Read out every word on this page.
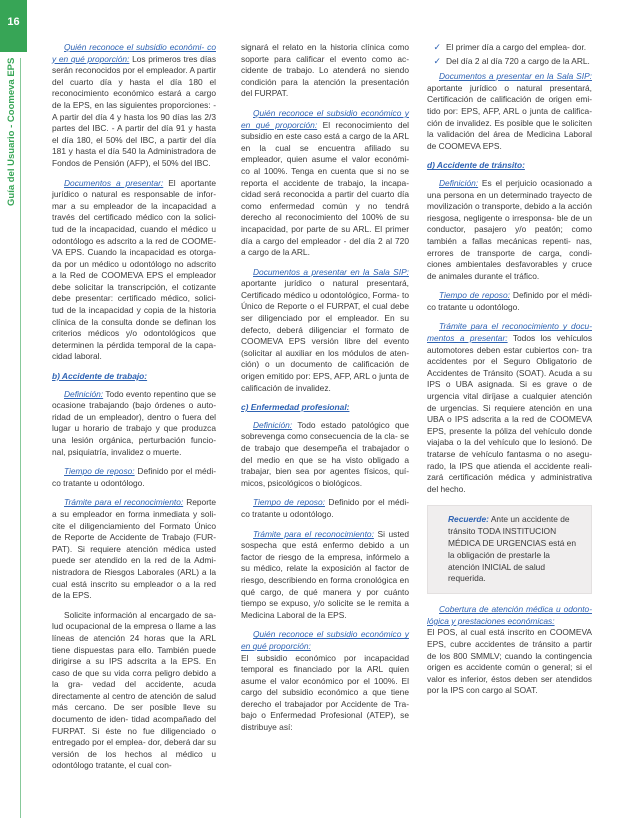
16
Guía del Usuario - Coomeva EPS

Quién reconoce el subsidio económi- co y en qué proporción: Los primeros tres días serán reconocidos por el empleador. A partir del cuarto día y hasta el día 180 el reconocimiento económico estará a cargo de la EPS, en las siguientes proporciones: - A partir del día 4 y hasta los 90 días las 2/3 partes del IBC. - A partir del día 91 y hasta el día 180, el 50% del IBC, a partir del día 181 y hasta el día 540 la Administradora de Fondos de Pensión (AFP), el 50% del IBC.

Documentos a presentar: El aportante jurídico o natural es responsable de infor- mar a su empleador de la incapacidad a través del certificado médico con la solici- tud de la incapacidad, cuando el médico u odontólogo es adscrito a la red de COOME- VA EPS. Cuando la incapacidad es otorga- da por un médico u odontólogo no adscrito a la Red de COOMEVA EPS el empleador debe solicitar la transcripción, el cotizante debe presentar: certificado médico, solici- tud de la incapacidad y copia de la historia clínica de la consulta donde se definan los criterios médicos y/o odontológicos que determinen la pérdida temporal de la capa- cidad laboral.

b) Accidente de trabajo:

Definición: Todo evento repentino que se ocasione trabajando (bajo órdenes o auto- ridad de un empleador), dentro o fuera del lugar u horario de trabajo y que produzca una lesión orgánica, perturbación funcio- nal, psiquiatría, invalidez o muerte.

Tiempo de reposo: Definido por el médi- co tratante u odontólogo.

Trámite para el reconocimiento: Reporte a su empleador en forma inmediata y soli- cite el diligenciamiento del Formato Único de Reporte de Accidente de Trabajo (FUR- PAT). Si requiere atención médica usted puede ser atendido en la red de la Admi- nistradora de Riesgos Laborales (ARL) a la cual está inscrito su empleador o a la red de la EPS.

Solicite información al encargado de sa- lud ocupacional de la empresa o llame a las líneas de atención 24 horas que la ARL tiene dispuestas para ello. También puede dirigirse a su IPS adscrita a la EPS. En caso de que su vida corra peligro debido a la gra- vedad del accidente, acuda directamente al centro de atención de salud más cercano. De ser posible lleve su documento de iden- tidad acompañado del FURPAT. Si éste no fue diligenciado o entregado por el emplea- dor, deberá dar su versión de los hechos al médico u odontólogo tratante, el cual con-

signará el relato en la historia clínica como soporte para calificar el evento como ac- cidente de trabajo. Lo atenderá no siendo condición para la atención la presentación del FURPAT.

Quién reconoce el subsidio económico y en qué proporción: El reconocimiento del subsidio en este caso está a cargo de la ARL en la cual se encuentra afiliado su empleador, quien asume el valor económi- co al 100%. Tenga en cuenta que si no se reporta el accidente de trabajo, la incapa- cidad será reconocida a partir del cuarto día como enfermedad común y no tendrá derecho al reconocimiento del 100% de su incapacidad, por parte de su ARL. El primer día a cargo del empleador - del día 2 al 720 a cargo de la ARL.

Documentos a presentar en la Sala SIP: aportante jurídico o natural presentará, Certificado médico u odontológico, Forma- to Único de Reporte o el FURPAT, el cual debe ser diligenciado por el empleador. En su defecto, deberá diligenciar el formato de COOMEVA EPS versión libre del evento (solicitar al auxiliar en los módulos de aten- ción) o un documento de calificación de origen emitido por: EPS, AFP, ARL o junta de calificación de invalidez.

c) Enfermedad profesional:

Definición: Todo estado patológico que sobrevenga como consecuencia de la cla- se de trabajo que desempeña el trabajador o del medio en que se ha visto obligado a trabajar, bien sea por agentes físicos, quí- micos, psicológicos o biológicos.

Tiempo de reposo: Definido por el médi- co tratante u odontólogo.

Trámite para el reconocimiento: Si usted sospecha que está enfermo debido a un factor de riesgo de la empresa, infórmelo a su médico, relate la exposición al factor de riesgo, describiendo en forma cronológica en qué cargo, de qué manera y por cuánto tiempo se expuso, y/o solicite se le remita a Medicina Laboral de la EPS.

Quién reconoce el subsidio económico y en qué proporción:
El subsidio económico por incapacidad temporal es financiado por la ARL quien asume el valor económico por el 100%. El cargo del subsidio económico a que tiene derecho el trabajador por Accidente de Tra- bajo o Enfermedad Profesional (ATEP), se distribuye así:

✓ El primer día a cargo del emplea- dor.
✓ Del día 2 al día 720 a cargo de la ARL.

Documentos a presentar en la Sala SIP: aportante jurídico o natural presentará, Certificación de calificación de origen emi- tido por: EPS, AFP, ARL o junta de califica- ción de invalidez. Es posible que le soliciten la validación del área de Medicina Laboral de COOMEVA EPS.

d) Accidente de tránsito:

Definición: Es el perjuicio ocasionado a una persona en un determinado trayecto de movilización o transporte, debido a la acción riesgosa, negligente o irresponsa- ble de un conductor, pasajero y/o peatón; como también a fallas mecánicas repenti- nas, errores de transporte de carga, condi- ciones ambientales desfavorables y cruce de animales durante el tráfico.

Tiempo de reposo: Definido por el médi- co tratante u odontólogo.

Trámite para el reconocimiento y docu- mentos a presentar: Todos los vehículos automotores deben estar cubiertos con- tra accidentes por el Seguro Obligatorio de Accidentes de Tránsito (SOAT). Acuda a su IPS o UBA asignada. Si es grave o de urgencia vital diríjase a cualquier atención de urgencias. Si requiere atención en una UBA o IPS adscrita a la red de COOMEVA EPS, presente la póliza del vehículo donde viajaba o la del vehículo que lo lesionó. De tratarse de vehículo fantasma o no asegu- rado, la IPS que atienda el accidente reali- zará certificación médica y administrativa del hecho.

Recuerde: Ante un accidente de tránsito TODA INSTITUCION MÉDICA DE URGENCIAS está en la obligación de prestarle la atención INICIAL de salud requerida.

Cobertura de atención médica u odonto- lógica y prestaciones económicas:
El POS, al cual está inscrito en COOMEVA EPS, cubre accidentes de tránsito a partir de los 800 SMMLV; cuando la contingencia origen es accidente común o general; si el valor es inferior, éstos deben ser atendidos por la IPS con cargo al SOAT.
